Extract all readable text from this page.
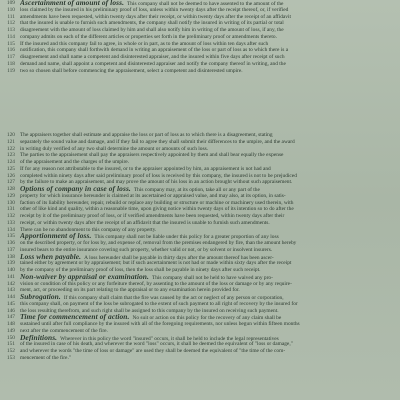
109 Ascertainment of amount of loss. This company shall not be deemed to have assented to the amount of the
110 loss claimed by the insured in his preliminary proof of loss, unless within twenty days after the receipt thereof, or, if verified
111 amendments have been requested, within twenty days after their receipt, or within twenty days after the receipt of an affidavit
112 that the insured is unable to furnish such amendments, the company shall notify the insured in writing of its partial or total
113 disagreement with the amount of loss claimed by him and shall also notify him in writing of the amount of loss, if any, the
114 company admits on each of the different articles or properties set forth in the preliminary proof or amendments thereto.
115 If the insured and this company fail to agree, in whole or in part, as to the amount of loss within ten days after such
116 notification, this company shall forthwith demand in writing an appraisement of the loss or part of loss as to which there is a
117 disagreement and shall name a competent and disinterested appraiser, and the insured within five days after receipt of such
118 demand and name, shall appoint a competent and disinterested appraiser and notify the company thereof in writing, and the
119 two so chosen shall before commencing the appraisement, select a competent and disinterested umpire.
120 The appraisers together shall estimate and appraise the loss or part of loss as to which there is a disagreement, stating
121 separately the sound value and damage, and if they fail to agree they shall submit their differences to the umpire, and the award
122 in writing duly verified of any two shall determine the amount or amounts of such loss.
123 The parties to the appraisement shall pay the appraisers respectively appointed by them and shall bear equally the expense
124 of the appraisement and the charges of the umpire.
125 If for any reason not attributable to the insured, or to the appraiser appointed by him, an appraisement is not had and
126 completed within ninety days after said preliminary proof of loss is received by this company, the insured is not to be prejudiced
127 by the failure to make an appraisement, and may prove the amount of his loss in an action brought without such appraisement.
128 Options of company in case of loss. This company may, at its option, take all or any part of the
129 property for which insurance hereunder is claimed at its ascertained or appraised value, and may also, at its option, in satis-
130 faction of its liability hereunder, repair, rebuild or replace any building or structure or machine or machinery used therein, with
131 other of like kind and quality, within a reasonable time, upon giving notice within twenty days of its intention so to do after the
132 receipt by it of the preliminary proof of loss, or if verified amendments have been requested, within twenty days after their
133 receipt, or within twenty days after the receipt of an affidavit that the insured is unable to furnish such amendments.
134 There can be no abandonment to this company of any property.
135 Apportionment of loss. This company shall not be liable under this policy for a greater proportion of any loss
136 on the described property, or for loss by, and expense of, removal from the premises endangered by fire, than the amount hereby
137 insured bears to the entire insurance covering such property, whether valid or not, or by solvent or insolvent insurers.
138 Loss when payable. A loss hereunder shall be payable in thirty days after the amount thereof has been ascer-
139 tained either by agreement or by appraisement; but if such ascertainment is not had or made within sixty days after the receipt
140 by the company of the preliminary proof of loss, then the loss shall be payable in ninety days after such receipt.
141 Non-waiver by appraisal or examination. This company shall not be held to have waived any pro-
142 vision or condition of this policy or any forfeiture thereof, by assenting to the amount of the loss or damage or by any require-
143 ment, act, or proceeding on its part relating to the appraisal or to any examination herein provided for.
144 Subrogation. If this company shall claim that the fire was caused by the act or neglect of any person or corporation,
145 this company shall, on payment of the loss be subrogated to the extent of such payment to all right of recovery by the insured for
146 the loss resulting therefrom, and such right shall be assigned to this company by the insured on receiving such payment.
147 Time for commencement of action. No suit or action on this policy for the recovery of any claim shall be
148 sustained until after full compliance by the insured with all of the foregoing requirements, nor unless begun within fifteen months
149 next after the commencement of the fire.
150 Definitions. Wherever in this policy the word "insured" occurs, it shall be held to include the legal representatives
151 of the insured in case of his death, and wherever the word "loss" occurs, it shall be deemed the equivalent of "loss or damage,"
152 and wherever the words "the time of loss or damage" are used they shall be deemed the equivalent of "the time of the com-
153 mencement of the fire."
